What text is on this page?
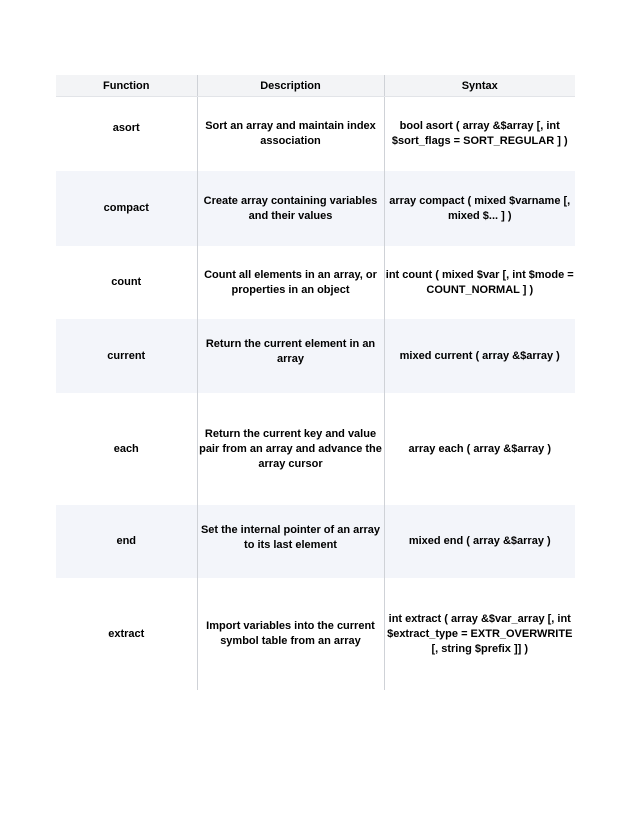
Function	Description	Syntax
asort	Sort an array and maintain index association	bool asort ( array &$array [, int $sort_flags = SORT_REGULAR ] )
compact	Create array containing variables and their values	array compact ( mixed $varname [, mixed $... ] )
count	Count all elements in an array, or properties in an object	int count ( mixed $var [, int $mode = COUNT_NORMAL ] )
current	Return the current element in an array	mixed current ( array &$array )
each	Return the current key and value pair from an array and advance the array cursor	array each ( array &$array )
end	Set the internal pointer of an array to its last element	mixed end ( array &$array )
extract	Import variables into the current symbol table from an array	int extract ( array &$var_array [, int $extract_type = EXTR_OVERWRITE [, string $prefix ]] )
